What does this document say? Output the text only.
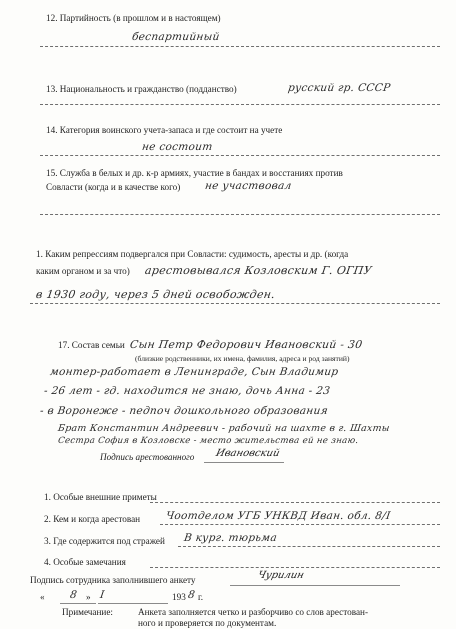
12. Партийность (в прошлом и в настоящем)
беспартийный
13. Национальность и гражданство (подданство)	русский гр. СССР
14. Категория воинского учета-запаса и где состоит на учете
не состоит
15. Служба в белых и др. к-р армиях, участие в бандах и восстаниях против
Совласти (когда и в качестве кого) не участвовал
1. Каким репрессиям подвергался при Совласти: судимость, аресты и др. (когда
каким органом и за что) арестовывался Козловским Г. ОГПУ
в 1930 году, через 5 дней освобожден.
17. Состав семьи Сын Петр Федорович Ивановский - 30
(близкие родственники, их имена, фамилия, адреса и род занятий)
монтер-работает в Ленинграде, Сын Владимир
- 26 лет - гд. находится не знаю, дочь Анна - 23
- в Воронеже - педпоч дошкольного образования
Брат Константин Андреевич - рабочий на шахте в г. Шахты
Сестра София в Козловске - место жительства ей не знаю.
Подпись арестованного Ивановский
1. Особые внешние приметы
2. Кем и когда арестован Чоотделом УГБ УНКВД Иван. обл. 8/I
3. Где содержится под стражей В кург. тюрьма
4. Особые замечания
Подпись сотрудника заполнившего анкету	Чурилин
« 8 » I	193 8 г.
Примечание:	Анкета заполняется четко и разборчиво со слов арестован-
ного и проверяется по документам.
